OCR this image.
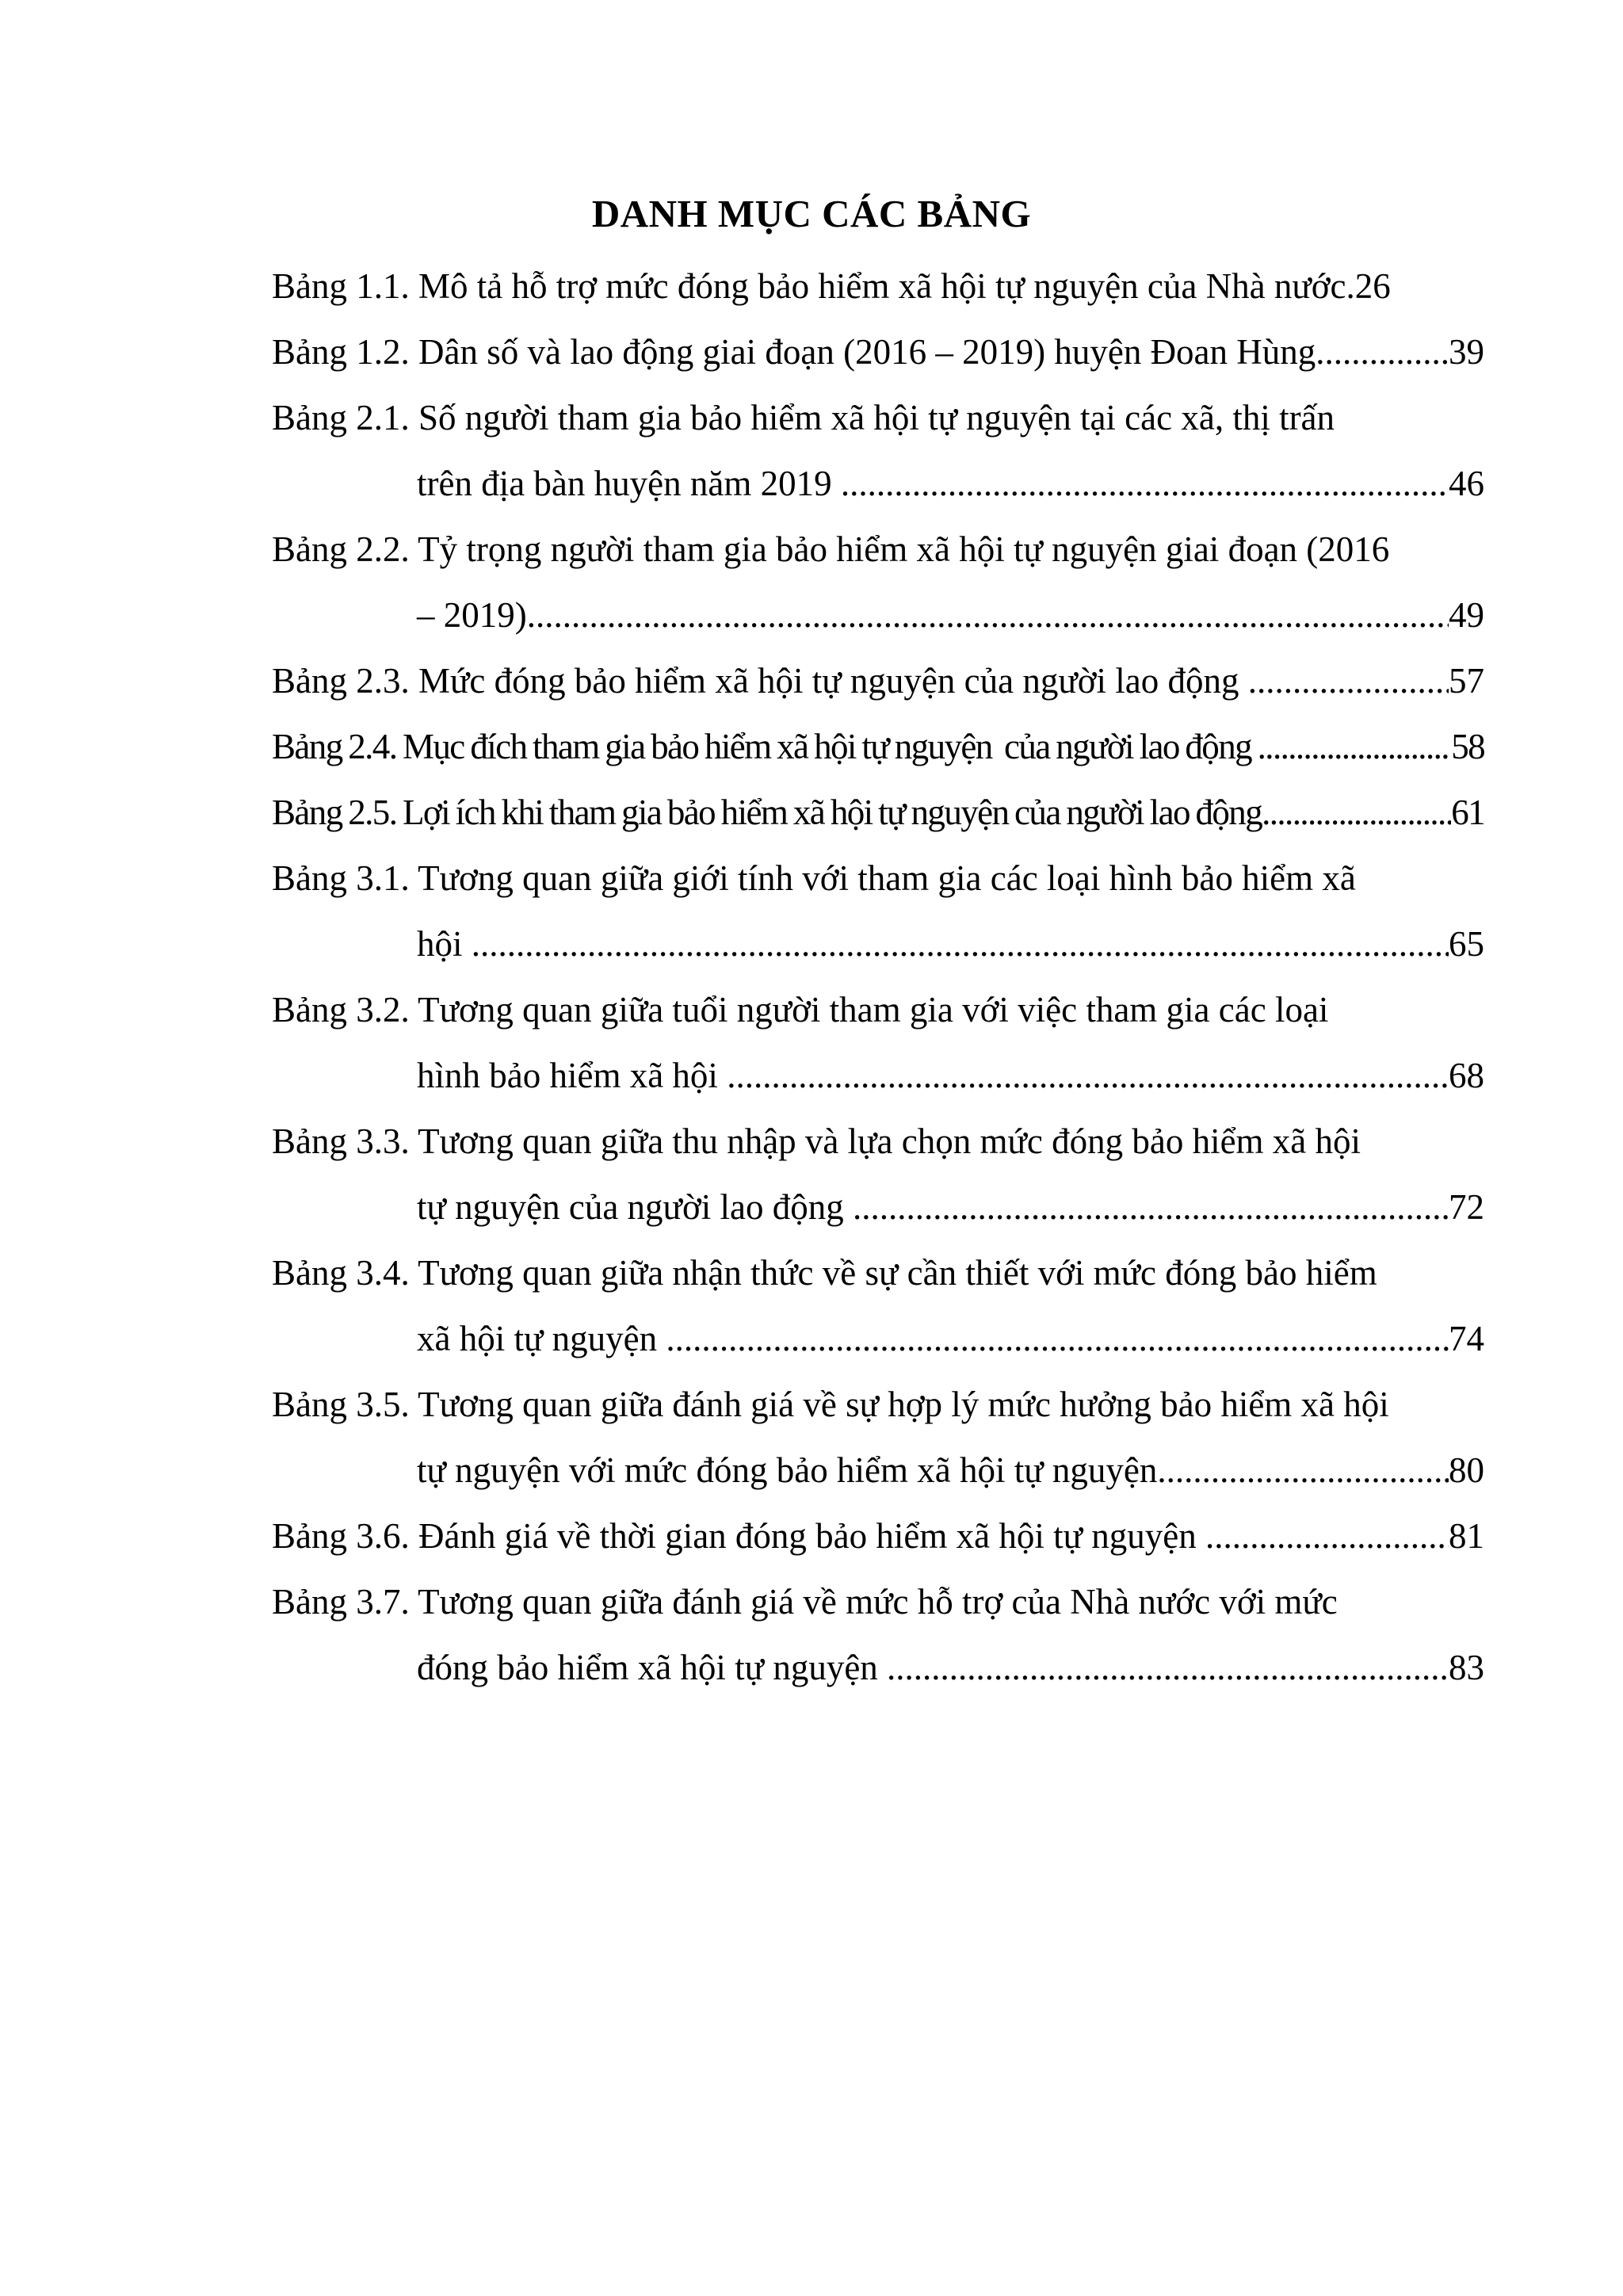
DANH MỤC CÁC BẢNG
Bảng 1.1. Mô tả hỗ trợ mức đóng bảo hiểm xã hội tự nguyện của Nhà nước. 26
Bảng 1.2. Dân số và lao động giai đoạn (2016 – 2019) huyện Đoan Hùng .....	39
Bảng 2.1. Số người tham gia bảo hiểm xã hội tự nguyện tại các xã, thị trấn
trên địa bàn huyện năm 2019 .....	46
Bảng 2.2. Tỷ trọng người tham gia bảo hiểm xã hội tự nguyện giai đoạn (2016
– 2019) .....	49
Bảng 2.3. Mức đóng bảo hiểm xã hội tự nguyện của người lao động .....	57
Bảng 2.4. Mục đích tham gia bảo hiểm xã hội tự nguyện  của người lao động .....	58
Bảng 2.5. Lợi ích khi tham gia bảo hiểm xã hội tự nguyện của người lao động .....	61
Bảng 3.1. Tương quan giữa giới tính với tham gia các loại hình bảo hiểm xã
hội .....	65
Bảng 3.2. Tương quan giữa tuổi người tham gia với việc tham gia các loại
hình bảo hiểm xã hội .....	68
Bảng 3.3. Tương quan giữa thu nhập và lựa chọn mức đóng bảo hiểm xã hội
tự nguyện của người lao động .....	72
Bảng 3.4. Tương quan giữa nhận thức về sự cần thiết với mức đóng bảo hiểm
xã hội tự nguyện .....	74
Bảng 3.5. Tương quan giữa đánh giá về sự hợp lý mức hưởng bảo hiểm xã hội
tự nguyện với mức đóng bảo hiểm xã hội tự nguyện .....	80
Bảng 3.6. Đánh giá về thời gian đóng bảo hiểm xã hội tự nguyện .....	81
Bảng 3.7. Tương quan giữa đánh giá về mức hỗ trợ của Nhà nước với mức
đóng bảo hiểm xã hội tự nguyện .....	83
